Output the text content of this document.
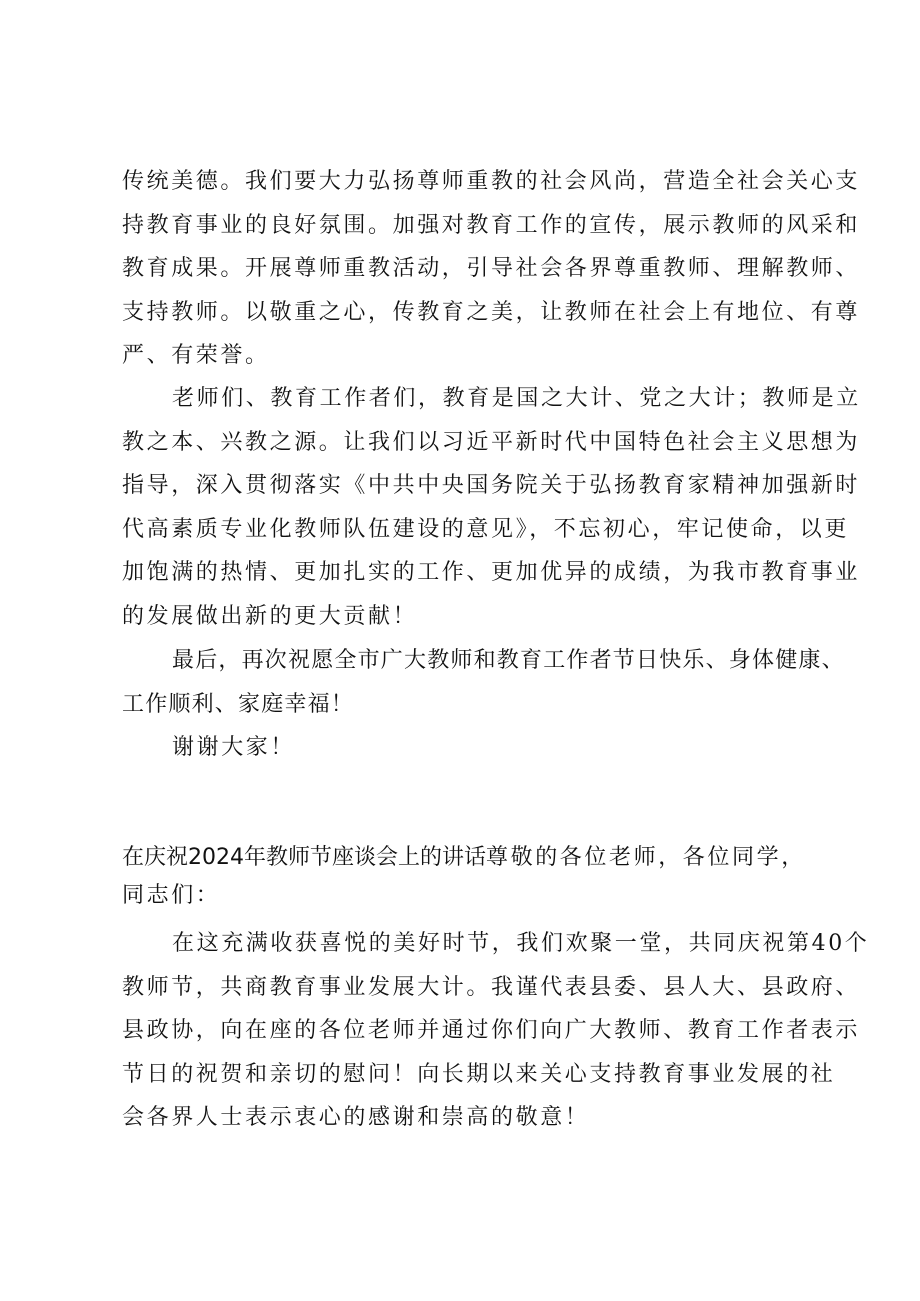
传统美德。我们要大力弘扬尊师重教的社会风尚，营造全社会关心支
持教育事业的良好氛围。加强对教育工作的宣传，展示教师的风采和
教育成果。开展尊师重教活动，引导社会各界尊重教师、理解教师、
支持教师。以敬重之心，传教育之美，让教师在社会上有地位、有尊
严、有荣誉。
老师们、教育工作者们，教育是国之大计、党之大计；教师是立
教之本、兴教之源。让我们以习近平新时代中国特色社会主义思想为
指导，深入贯彻落实《中共中央国务院关于弘扬教育家精神加强新时
代高素质专业化教师队伍建设的意见》，不忘初心，牢记使命，以更
加饱满的热情、更加扎实的工作、更加优异的成绩，为我市教育事业
的发展做出新的更大贡献！
最后，再次祝愿全市广大教师和教育工作者节日快乐、身体健康、
工作顺利、家庭幸福！
谢谢大家！
在庆祝2024年教师节座谈会上的讲话尊敬的各位老师，各位同学，
同志们：
在这充满收获喜悦的美好时节，我们欢聚一堂，共同庆祝第40个
教师节，共商教育事业发展大计。我谨代表县委、县人大、县政府、
县政协，向在座的各位老师并通过你们向广大教师、教育工作者表示
节日的祝贺和亲切的慰问！向长期以来关心支持教育事业发展的社
会各界人士表示衷心的感谢和崇高的敬意！
